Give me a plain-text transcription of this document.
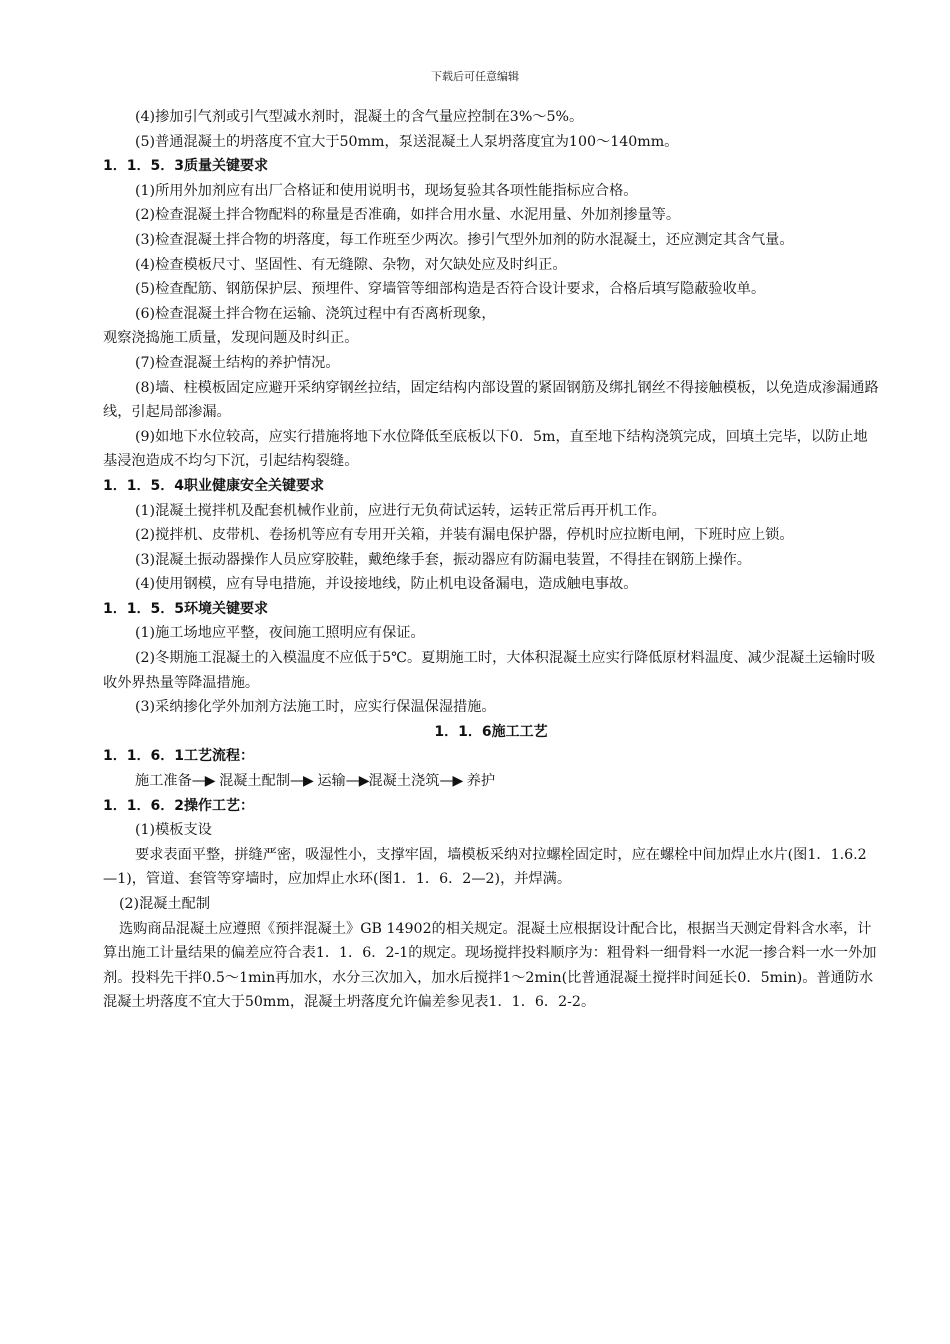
下载后可任意编辑

(4)掺加引气剂或引气型减水剂时，混凝土的含气量应控制在3%～5%。

(5)普通混凝土的坍落度不宜大于50mm，泵送混凝土人泵坍落度宜为100～140mm。

1．1．5．3质量关键要求

(1)所用外加剂应有出厂合格证和使用说明书，现场复验其各项性能指标应合格。

(2)检查混凝土拌合物配料的称量是否准确，如拌合用水量、水泥用量、外加剂掺量等。

(3)检查混凝土拌合物的坍落度，每工作班至少两次。掺引气型外加剂的防水混凝土，还应测定其含气量。

(4)检查模板尺寸、坚固性、有无缝隙、杂物，对欠缺处应及时纠正。

(5)检查配筋、钢筋保护层、预埋件、穿墙管等细部构造是否符合设计要求，合格后填写隐蔽验收单。

(6)检查混凝土拌合物在运输、浇筑过程中有否离析现象，

观察浇捣施工质量，发现问题及时纠正。

(7)检查混凝土结构的养护情况。

(8)墙、柱模板固定应避开采纳穿钢丝拉结，固定结构内部设置的紧固钢筋及绑扎钢丝不得接触模板，以免造成渗漏通路线，引起局部渗漏。

(9)如地下水位较高，应实行措施将地下水位降低至底板以下0．5m，直至地下结构浇筑完成，回填土完毕，以防止地基浸泡造成不均匀下沉，引起结构裂缝。

1．1．5．4职业健康安全关键要求

(1)混凝土搅拌机及配套机械作业前，应进行无负荷试运转，运转正常后再开机工作。

(2)搅拌机、皮带机、卷扬机等应有专用开关箱，并装有漏电保护器，停机时应拉断电闸，下班时应上锁。

(3)混凝土振动器操作人员应穿胶鞋，戴绝缘手套，振动器应有防漏电装置，不得挂在钢筋上操作。

(4)使用钢模，应有导电措施，并设接地线，防止机电设备漏电，造成触电事故。

1．1．5．5环境关键要求

(1)施工场地应平整，夜间施工照明应有保证。

(2)冬期施工混凝土的入模温度不应低于5℃。夏期施工时，大体积混凝土应实行降低原材料温度、减少混凝土运输时吸收外界热量等降温措施。

(3)采纳掺化学外加剂方法施工时，应实行保温保湿措施。

1．1．6施工工艺

1．1．6．1工艺流程：

施工准备—▶ 混凝土配制—▶ 运输—▶混凝土浇筑—▶ 养护

1．1．6．2操作工艺：

(1)模板支设

要求表面平整，拼缝严密，吸湿性小，支撑牢固，墙模板采纳对拉螺栓固定时，应在螺栓中间加焊止水片(图1．1.6.2—1)，管道、套管等穿墙时，应加焊止水环(图1．1．6．2—2)，并焊满。

(2)混凝土配制

选购商品混凝土应遵照《预拌混凝土》GB 14902的相关规定。混凝土应根据设计配合比，根据当天测定骨料含水率，计算出施工计量结果的偏差应符合表1．1．6．2-1的规定。现场搅拌投料顺序为：粗骨料一细骨料一水泥一掺合料一水一外加剂。投料先干拌0.5～1min再加水，水分三次加入，加水后搅拌1～2min(比普通混凝土搅拌时间延长0．5min)。普通防水混凝土坍落度不宜大于50mm，混凝土坍落度允许偏差参见表1．1．6．2-2。
